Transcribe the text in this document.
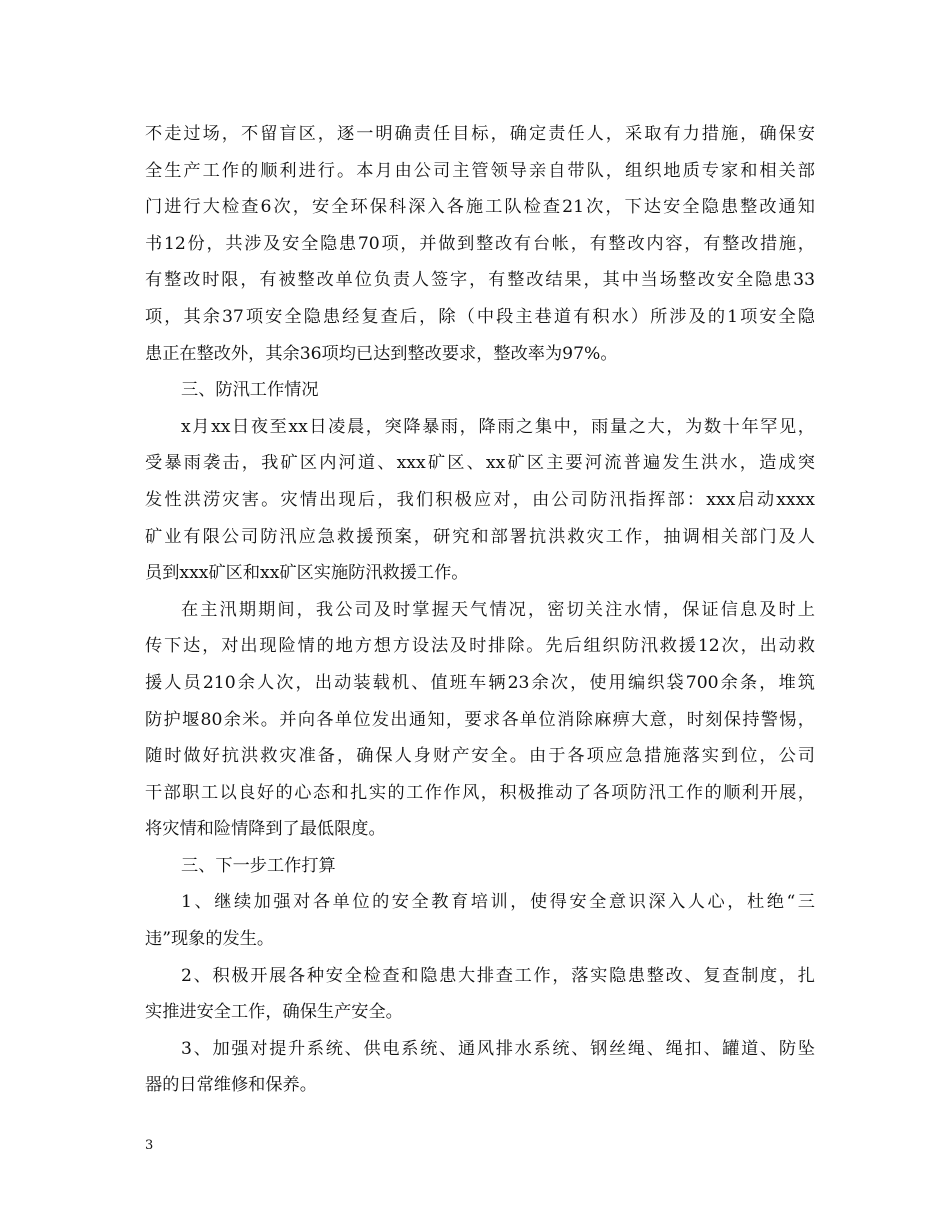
不走过场，不留盲区，逐一明确责任目标，确定责任人，采取有力措施，确保安
全生产工作的顺利进行。本月由公司主管领导亲自带队，组织地质专家和相关部
门进行大检查6次，安全环保科深入各施工队检查21次，下达安全隐患整改通知
书12份，共涉及安全隐患70项，并做到整改有台帐，有整改内容，有整改措施，
有整改时限，有被整改单位负责人签字，有整改结果，其中当场整改安全隐患33
项，其余37项安全隐患经复查后，除（中段主巷道有积水）所涉及的1项安全隐
患正在整改外，其余36项均已达到整改要求，整改率为97%。
三、防汛工作情况
x月xx日夜至xx日凌晨，突降暴雨，降雨之集中，雨量之大，为数十年罕见，
受暴雨袭击，我矿区内河道、xxx矿区、xx矿区主要河流普遍发生洪水，造成突
发性洪涝灾害。灾情出现后，我们积极应对，由公司防汛指挥部：xxx启动xxxx
矿业有限公司防汛应急救援预案，研究和部署抗洪救灾工作，抽调相关部门及人
员到xxx矿区和xx矿区实施防汛救援工作。
在主汛期期间，我公司及时掌握天气情况，密切关注水情，保证信息及时上
传下达，对出现险情的地方想方设法及时排除。先后组织防汛救援12次，出动救
援人员210余人次，出动装载机、值班车辆23余次，使用编织袋700余条，堆筑
防护堰80余米。并向各单位发出通知，要求各单位消除麻痹大意，时刻保持警惕，
随时做好抗洪救灾准备，确保人身财产安全。由于各项应急措施落实到位，公司
干部职工以良好的心态和扎实的工作作风，积极推动了各项防汛工作的顺利开展，
将灾情和险情降到了最低限度。
三、下一步工作打算
1、继续加强对各单位的安全教育培训，使得安全意识深入人心，杜绝“三
违”现象的发生。
2、积极开展各种安全检查和隐患大排查工作，落实隐患整改、复查制度，扎
实推进安全工作，确保生产安全。
3、加强对提升系统、供电系统、通风排水系统、钢丝绳、绳扣、罐道、防坠
器的日常维修和保养。
3
